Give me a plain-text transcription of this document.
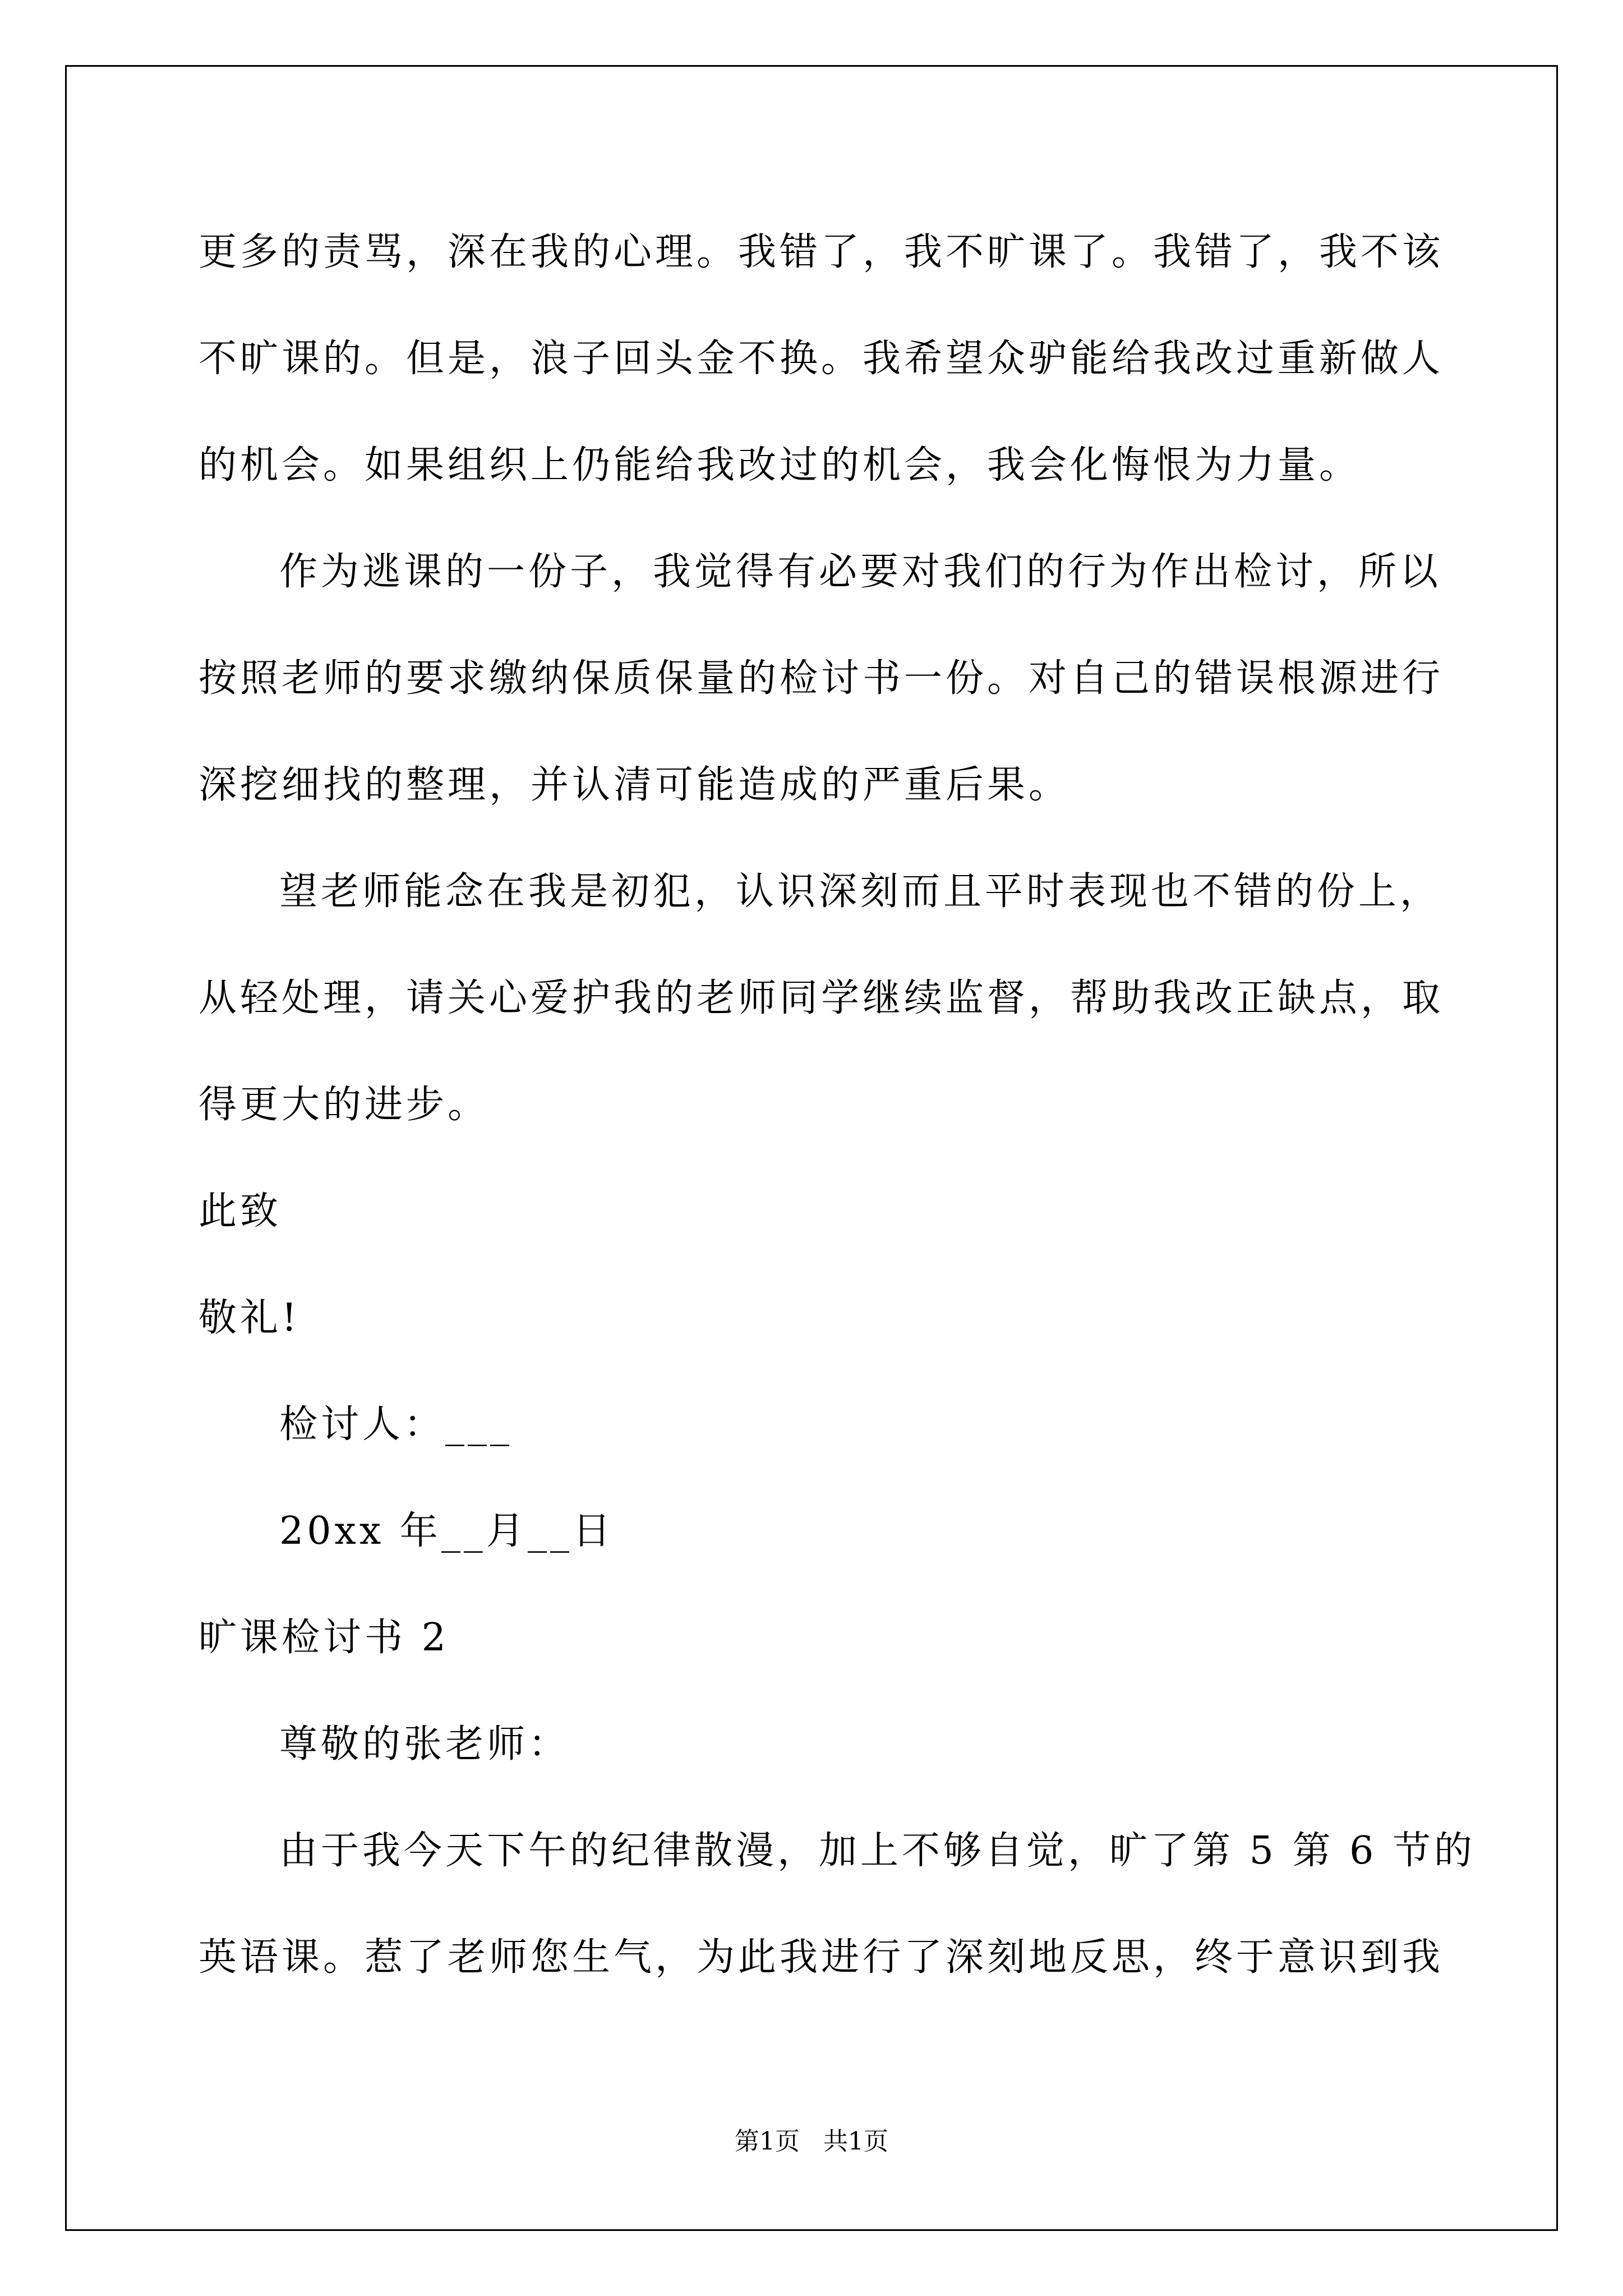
更多的责骂，深在我的心理。我错了，我不旷课了。我错了，我不该
不旷课的。但是，浪子回头金不换。我希望众驴能给我改过重新做人
的机会。如果组织上仍能给我改过的机会，我会化悔恨为力量。
作为逃课的一份子，我觉得有必要对我们的行为作出检讨，所以
按照老师的要求缴纳保质保量的检讨书一份。对自己的错误根源进行
深挖细找的整理，并认清可能造成的严重后果。
望老师能念在我是初犯，认识深刻而且平时表现也不错的份上，
从轻处理，请关心爱护我的老师同学继续监督，帮助我改正缺点，取
得更大的进步。
此致
敬礼!
检讨人：___
20xx 年__月__日
旷课检讨书 2
尊敬的张老师：
由于我今天下午的纪律散漫，加上不够自觉，旷了第 5 第 6 节的
英语课。惹了老师您生气，为此我进行了深刻地反思，终于意识到我
第1页   共1页
